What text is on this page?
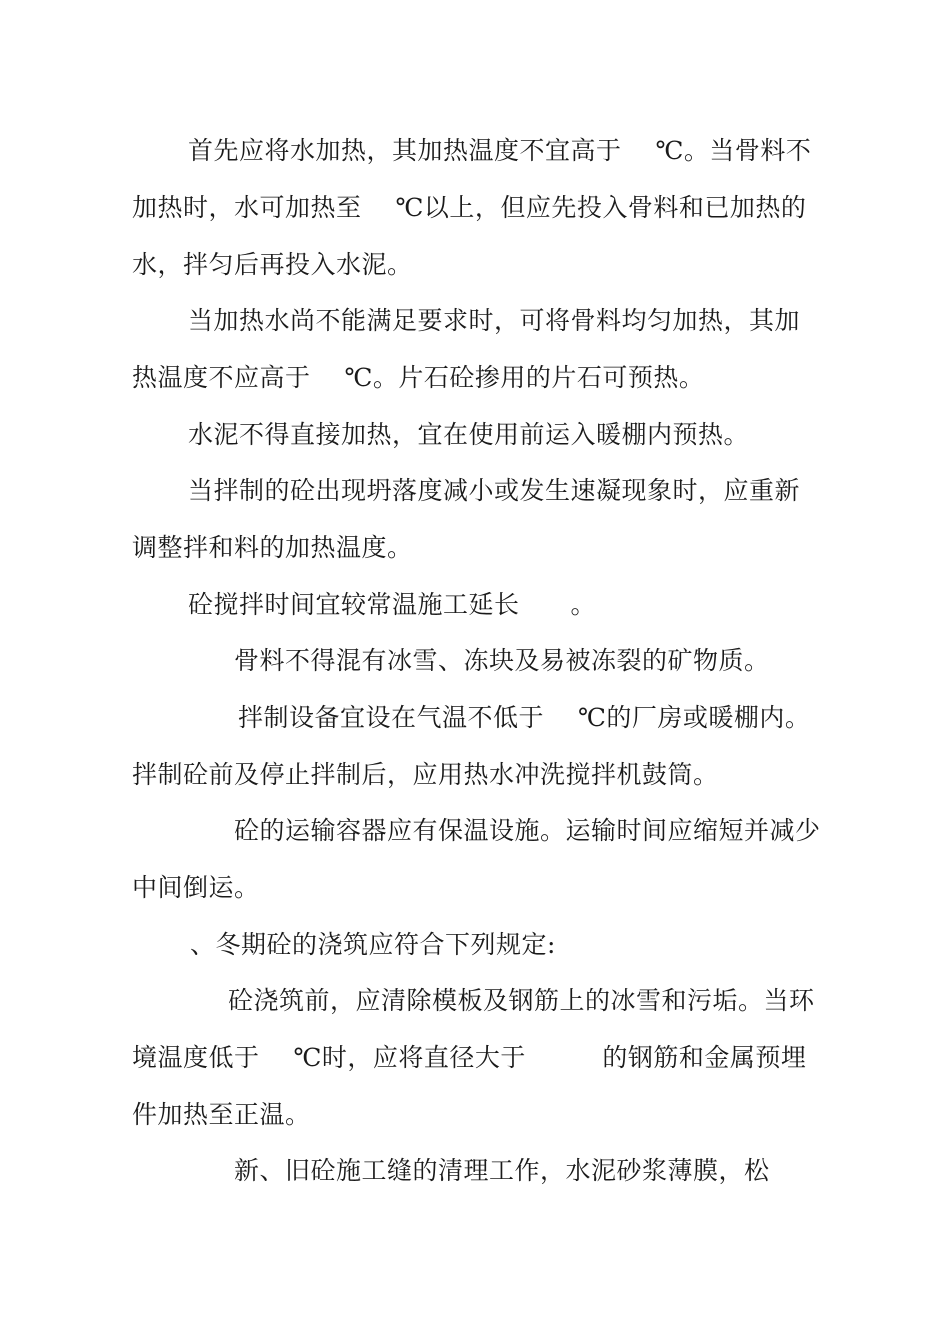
首先应将水加热，其加热温度不宜高于　 ℃。当骨料不
加热时，水可加热至　 ℃以上，但应先投入骨料和已加热的
水，拌匀后再投入水泥。
当加热水尚不能满足要求时，可将骨料均匀加热，其加
热温度不应高于　 ℃。片石砼掺用的片石可预热。
水泥不得直接加热，宜在使用前运入暖棚内预热。
当拌制的砼出现坍落度减小或发生速凝现象时，应重新
调整拌和料的加热温度。
砼搅拌时间宜较常温施工延长　　。
骨料不得混有冰雪、冻块及易被冻裂的矿物质。
拌制设备宜设在气温不低于　 ℃的厂房或暖棚内。
拌制砼前及停止拌制后，应用热水冲洗搅拌机鼓筒。
砼的运输容器应有保温设施。运输时间应缩短并减少
中间倒运。
、冬期砼的浇筑应符合下列规定:
砼浇筑前，应清除模板及钢筋上的冰雪和污垢。当环
境温度低于　 ℃时，应将直径大于　　　的钢筋和金属预埋
件加热至正温。
新、旧砼施工缝的清理工作，水泥砂浆薄膜，松
